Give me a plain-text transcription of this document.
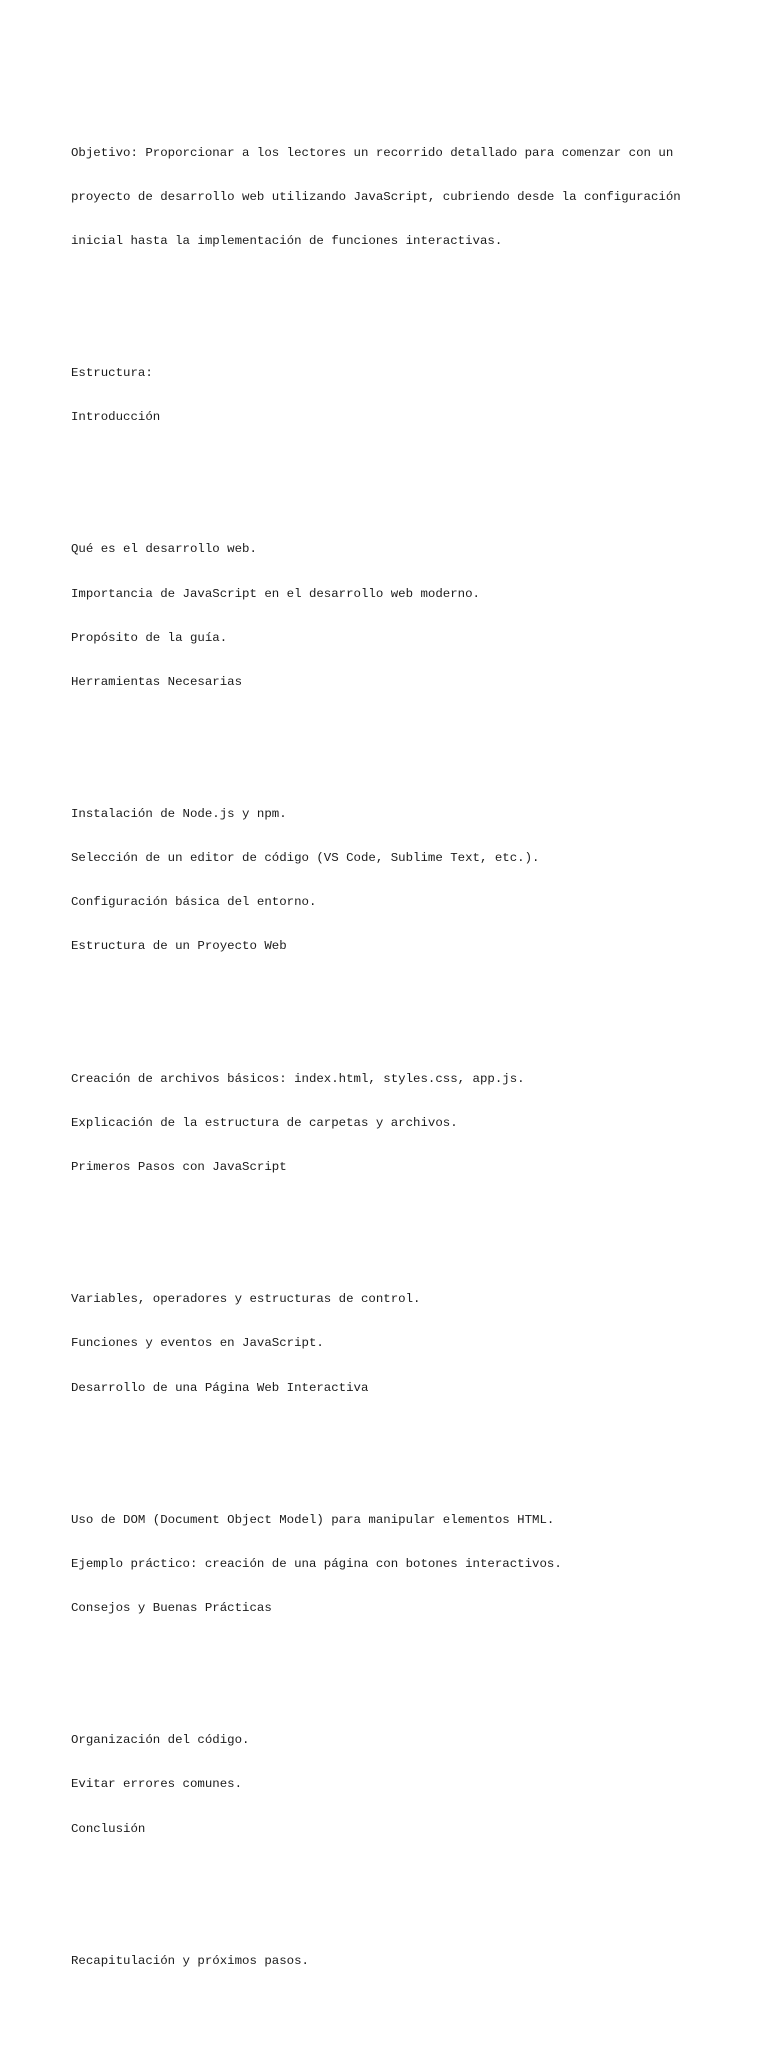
Objetivo: Proporcionar a los lectores un recorrido detallado para comenzar con un

proyecto de desarrollo web utilizando JavaScript, cubriendo desde la configuración

inicial hasta la implementación de funciones interactivas.

Estructura:

Introducción

Qué es el desarrollo web.

Importancia de JavaScript en el desarrollo web moderno.

Propósito de la guía.

Herramientas Necesarias

Instalación de Node.js y npm.

Selección de un editor de código (VS Code, Sublime Text, etc.).

Configuración básica del entorno.

Estructura de un Proyecto Web

Creación de archivos básicos: index.html, styles.css, app.js.

Explicación de la estructura de carpetas y archivos.

Primeros Pasos con JavaScript

Variables, operadores y estructuras de control.

Funciones y eventos en JavaScript.

Desarrollo de una Página Web Interactiva

Uso de DOM (Document Object Model) para manipular elementos HTML.

Ejemplo práctico: creación de una página con botones interactivos.

Consejos y Buenas Prácticas

Organización del código.

Evitar errores comunes.

Conclusión

Recapitulación y próximos pasos.
